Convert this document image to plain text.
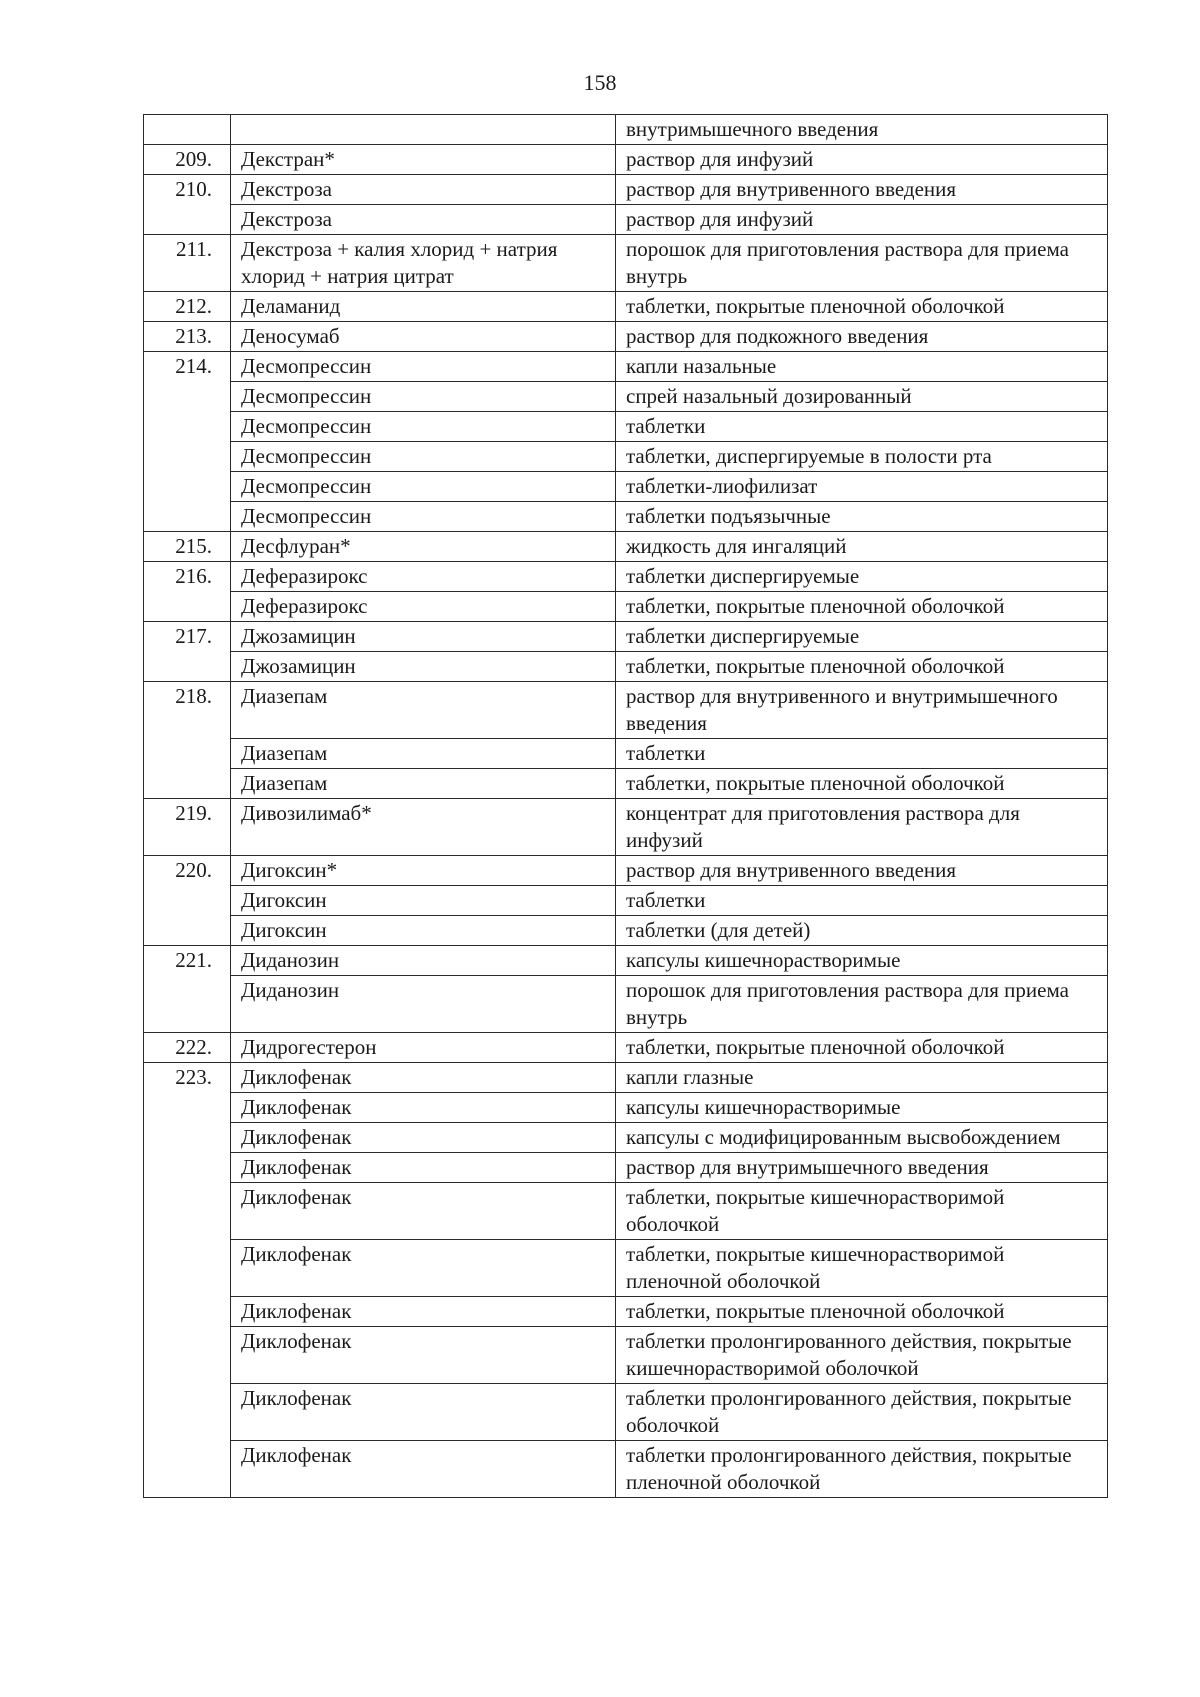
158
		внутримышечного введения
209.	Декстран*	раствор для инфузий
210.	Декстроза	раствор для внутривенного введения
	Декстроза	раствор для инфузий
211.	Декстроза + калия хлорид + натрия хлорид + натрия цитрат	порошок для приготовления раствора для приема внутрь
212.	Деламанид	таблетки, покрытые пленочной оболочкой
213.	Деносумаб	раствор для подкожного введения
214.	Десмопрессин	капли назальные
	Десмопрессин	спрей назальный дозированный
	Десмопрессин	таблетки
	Десмопрессин	таблетки, диспергируемые в полости рта
	Десмопрессин	таблетки-лиофилизат
	Десмопрессин	таблетки подъязычные
215.	Десфлуран*	жидкость для ингаляций
216.	Деферазирокс	таблетки диспергируемые
	Деферазирокс	таблетки, покрытые пленочной оболочкой
217.	Джозамицин	таблетки диспергируемые
	Джозамицин	таблетки, покрытые пленочной оболочкой
218.	Диазепам	раствор для внутривенного и внутримышечного введения
	Диазепам	таблетки
	Диазепам	таблетки, покрытые пленочной оболочкой
219.	Дивозилимаб*	концентрат для приготовления раствора для инфузий
220.	Дигоксин*	раствор для внутривенного введения
	Дигоксин	таблетки
	Дигоксин	таблетки (для детей)
221.	Диданозин	капсулы кишечнорастворимые
	Диданозин	порошок для приготовления раствора для приема внутрь
222.	Дидрогестерон	таблетки, покрытые пленочной оболочкой
223.	Диклофенак	капли глазные
	Диклофенак	капсулы кишечнорастворимые
	Диклофенак	капсулы с модифицированным высвобождением
	Диклофенак	раствор для внутримышечного введения
	Диклофенак	таблетки, покрытые кишечнорастворимой оболочкой
	Диклофенак	таблетки, покрытые кишечнорастворимой пленочной оболочкой
	Диклофенак	таблетки, покрытые пленочной оболочкой
	Диклофенак	таблетки пролонгированного действия, покрытые кишечнорастворимой оболочкой
	Диклофенак	таблетки пролонгированного действия, покрытые оболочкой
	Диклофенак	таблетки пролонгированного действия, покрытые пленочной оболочкой
